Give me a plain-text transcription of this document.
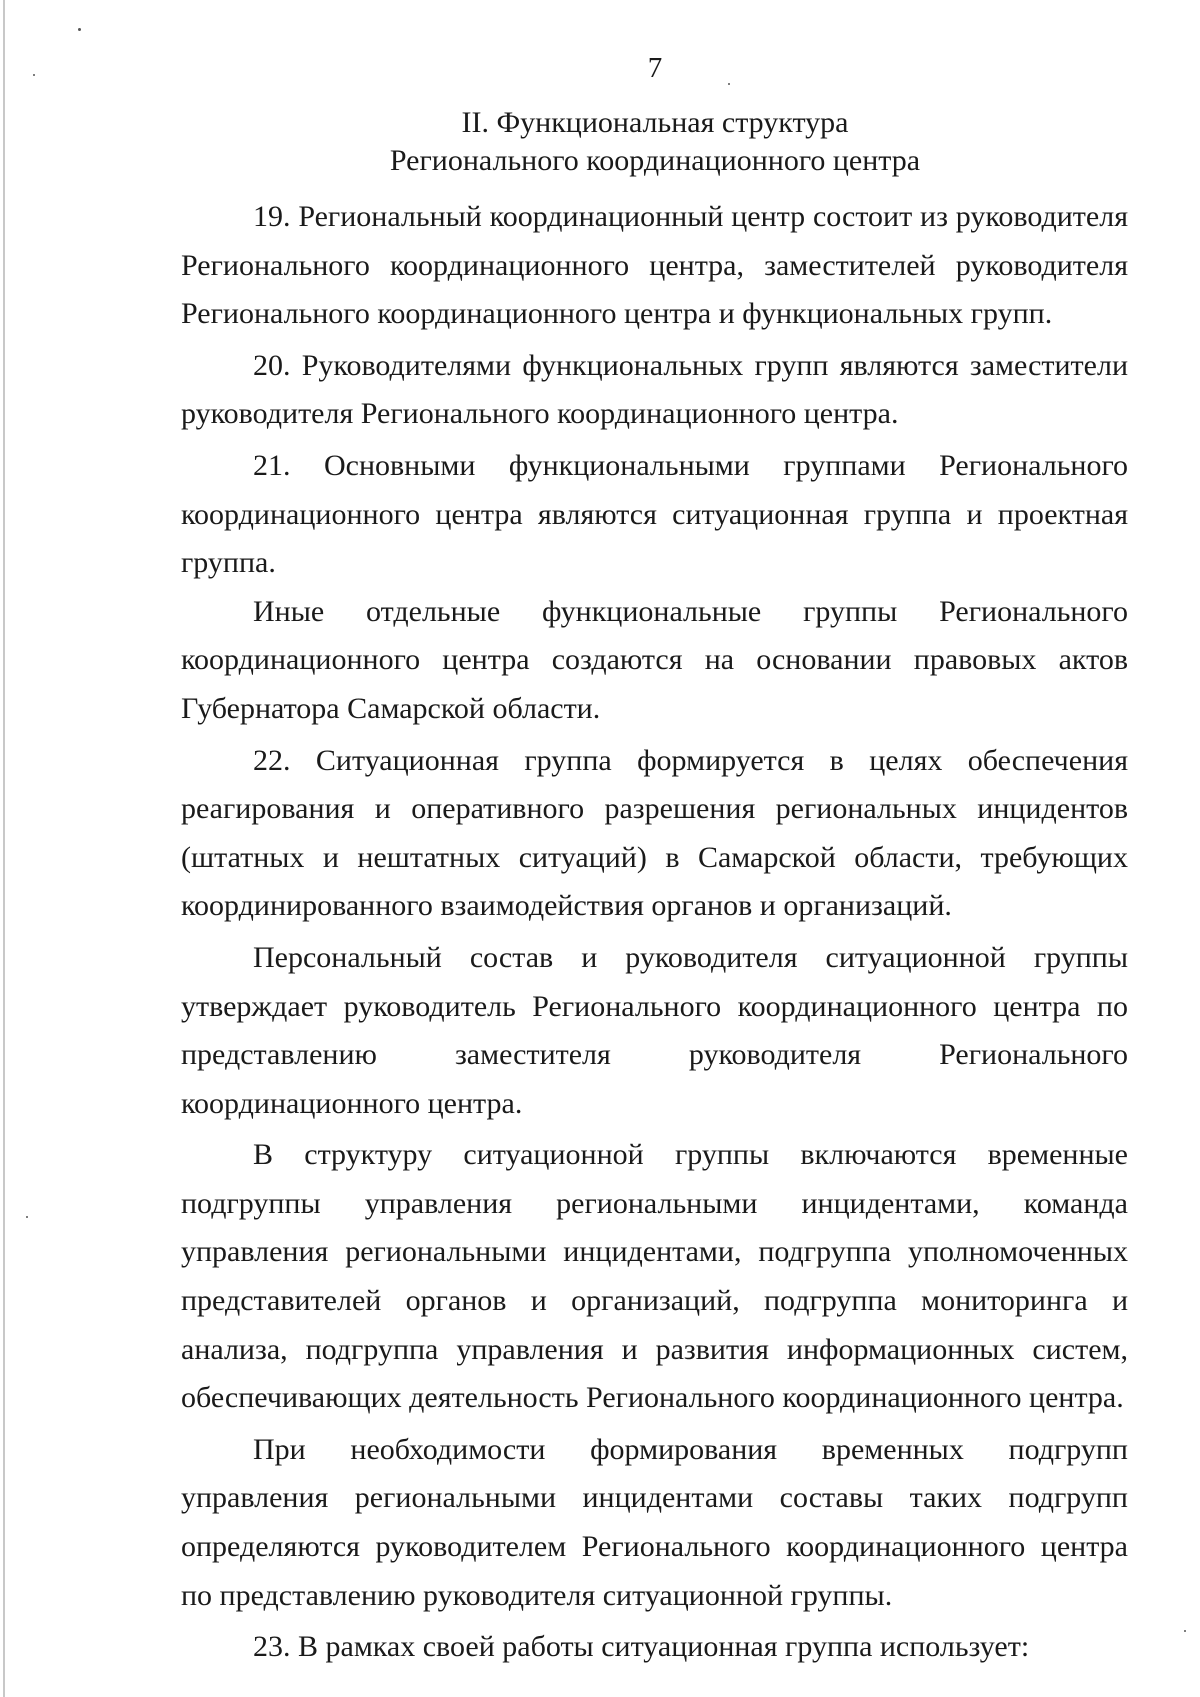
7
II. Функциональная структура
Регионального координационного центра

19. Региональный координационный центр состоит из руководителя Регионального координационного центра, заместителей руководителя Регионального координационного центра и функциональных групп.

20. Руководителями функциональных групп являются заместители руководителя Регионального координационного центра.

21. Основными функциональными группами Регионального координационного центра являются ситуационная группа и проектная группа.

Иные отдельные функциональные группы Регионального координационного центра создаются на основании правовых актов Губернатора Самарской области.

22. Ситуационная группа формируется в целях обеспечения реагирования и оперативного разрешения региональных инцидентов (штатных и нештатных ситуаций) в Самарской области, требующих координированного взаимодействия органов и организаций.

Персональный состав и руководителя ситуационной группы утверждает руководитель Регионального координационного центра по представлению заместителя руководителя Регионального координационного центра.

В структуру ситуационной группы включаются временные подгруппы управления региональными инцидентами, команда управления региональными инцидентами, подгруппа уполномоченных представителей органов и организаций, подгруппа мониторинга и анализа, подгруппа управления и развития информационных систем, обеспечивающих деятельность Регионального координационного центра.

При необходимости формирования временных подгрупп управления региональными инцидентами составы таких подгрупп определяются руководителем Регионального координационного центра по представлению руководителя ситуационной группы.

23. В рамках своей работы ситуационная группа использует:
